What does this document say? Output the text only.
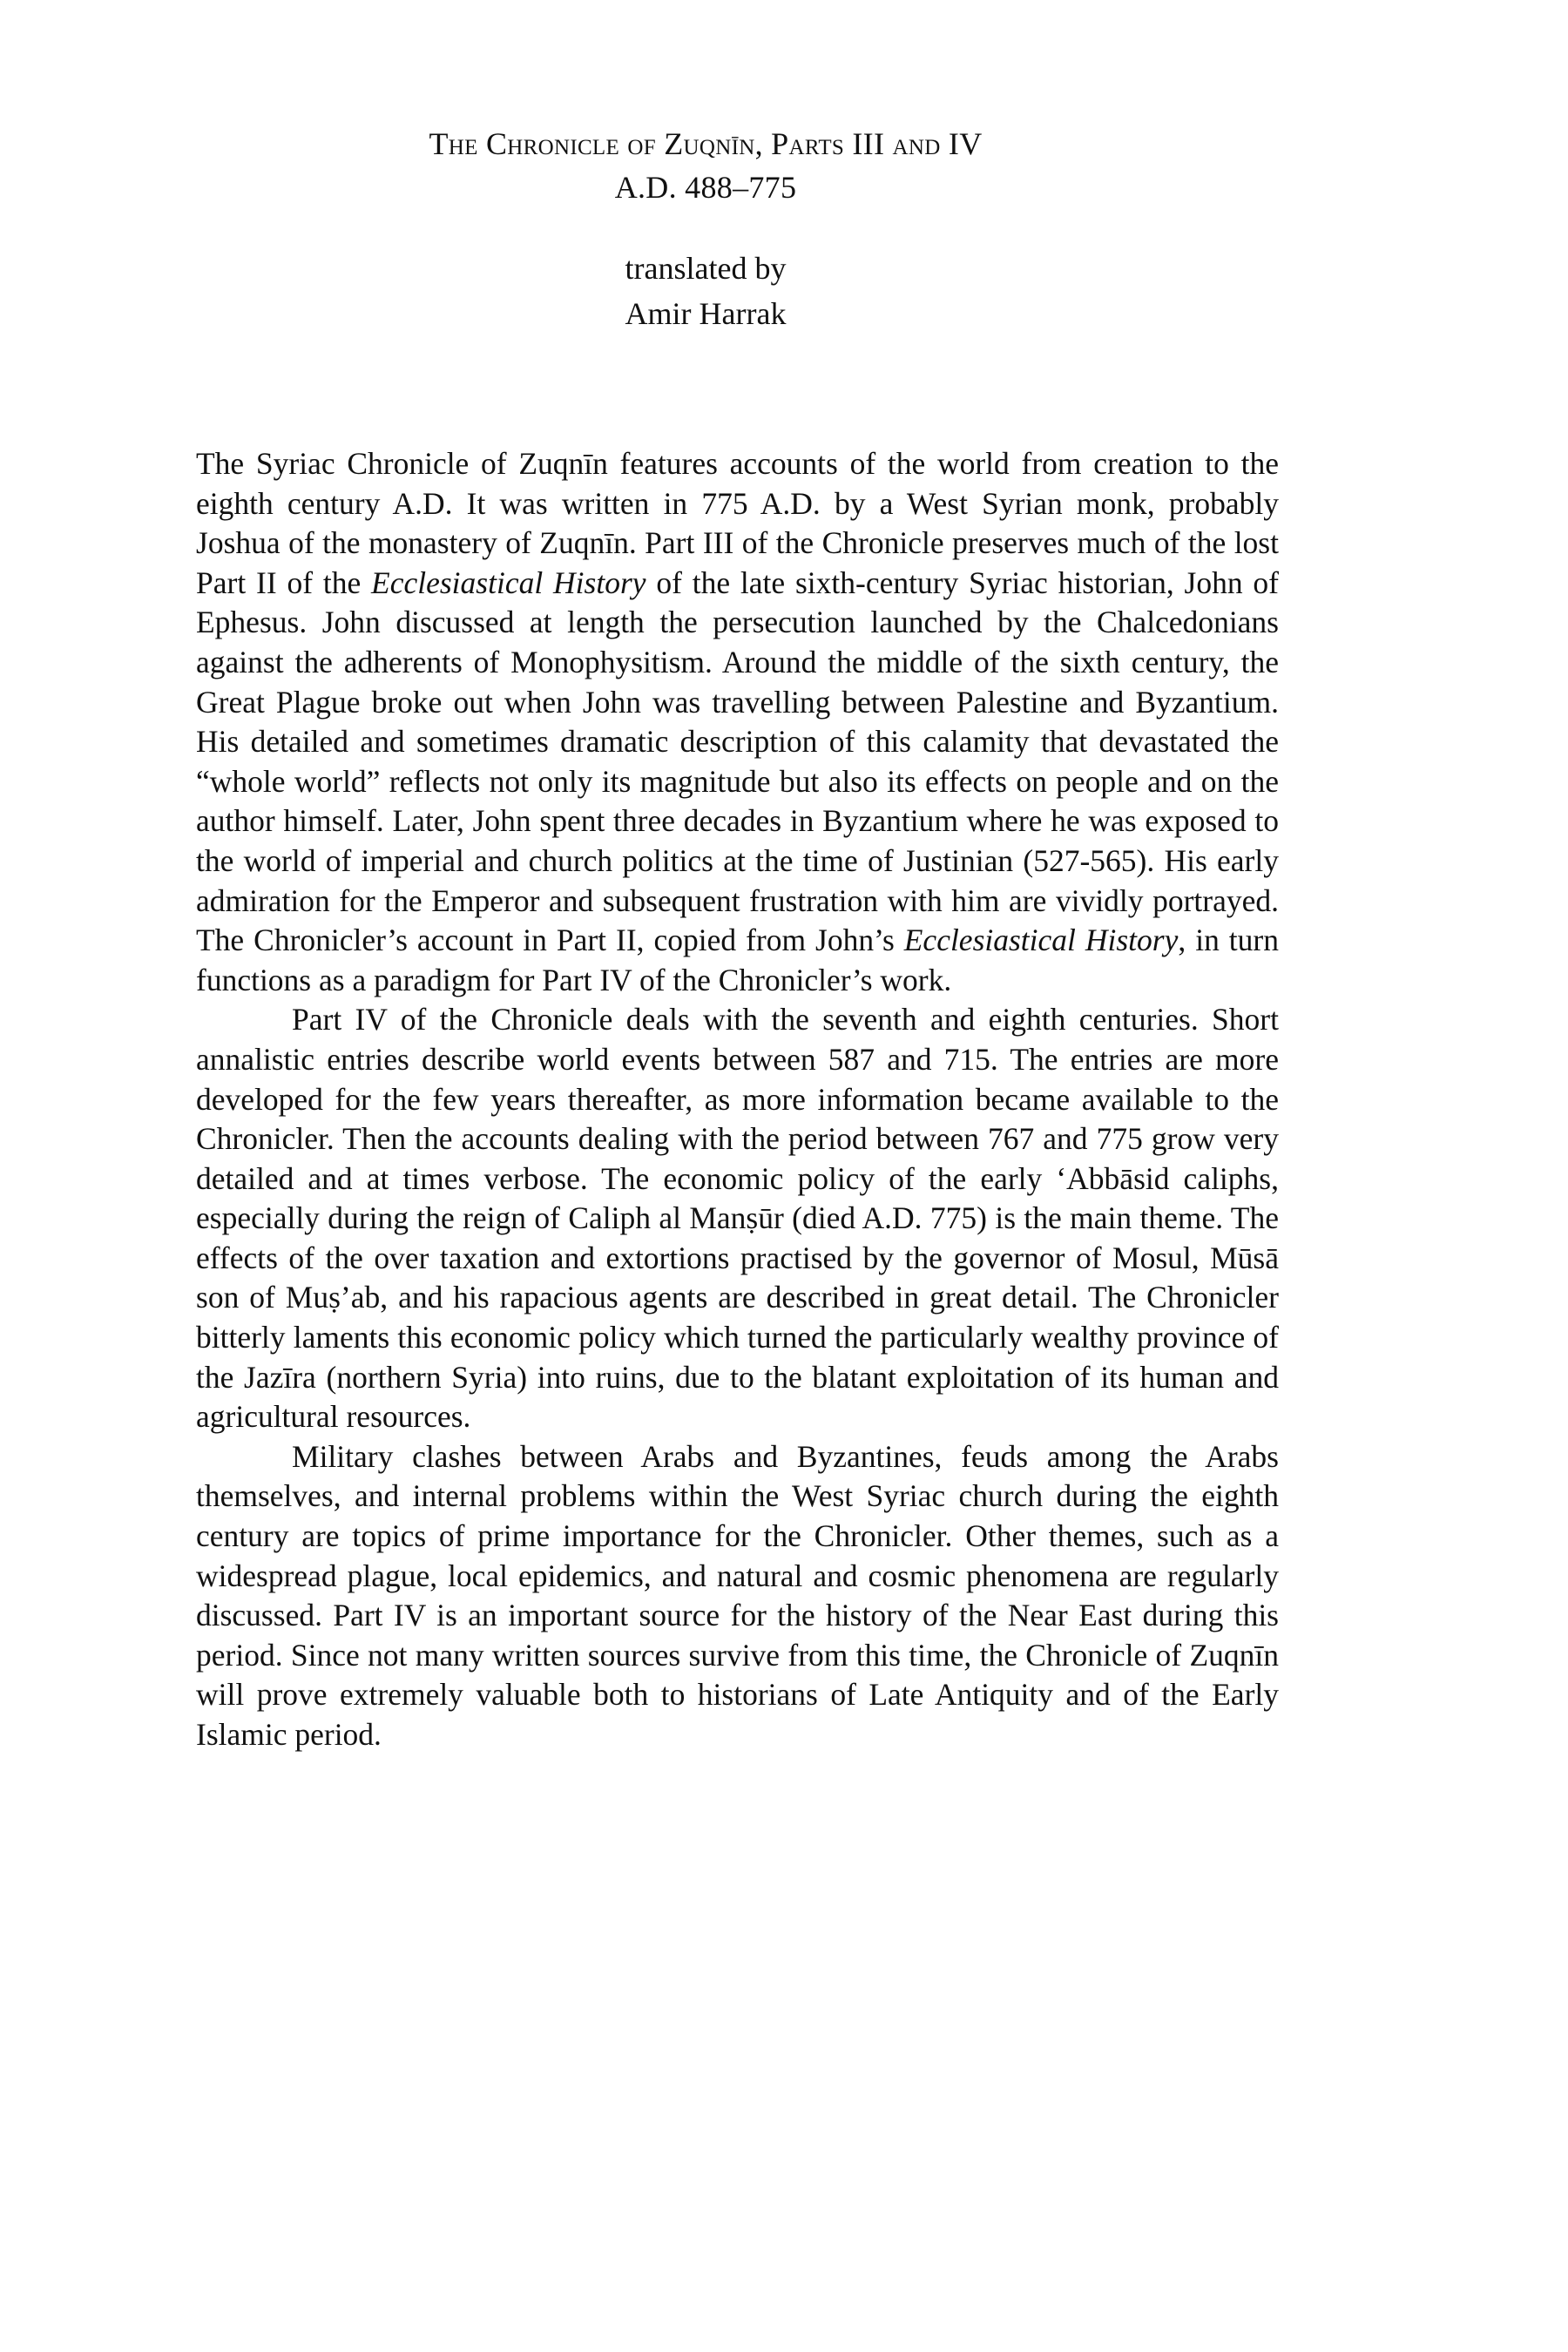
The Chronicle of Zuqnīn, Parts III and IV
A.D. 488–775
translated by
Amir Harrak

The Syriac Chronicle of Zuqnīn features accounts of the world from creation to the eighth century A.D. It was written in 775 A.D. by a West Syrian monk, probably Joshua of the monastery of Zuqnīn. Part III of the Chronicle preserves much of the lost Part II of the Ecclesiastical History of the late sixth-century Syriac historian, John of Ephesus. John discussed at length the persecution launched by the Chalcedonians against the adherents of Monophysitism. Around the middle of the sixth century, the Great Plague broke out when John was travelling between Palestine and Byzantium. His detailed and sometimes dramatic description of this calamity that devastated the “whole world” reflects not only its magnitude but also its effects on people and on the author himself. Later, John spent three decades in Byzantium where he was exposed to the world of imperial and church politics at the time of Justinian (527-565). His early admiration for the Emperor and subsequent frustration with him are vividly portrayed. The Chronicler’s account in Part II, copied from John’s Ecclesiastical History, in turn functions as a paradigm for Part IV of the Chronicler’s work.

Part IV of the Chronicle deals with the seventh and eighth centuries. Short annalistic entries describe world events between 587 and 715. The entries are more developed for the few years thereafter, as more information became available to the Chronicler. Then the accounts dealing with the period between 767 and 775 grow very detailed and at times verbose. The economic policy of the early ‘Abbāsid caliphs, especially during the reign of Caliph al Manṣūr (died A.D. 775) is the main theme. The effects of the over taxation and extortions practised by the governor of Mosul, Mūsā son of Muṣ’ab, and his rapacious agents are described in great detail. The Chronicler bitterly laments this economic policy which turned the particularly wealthy province of the Jazīra (northern Syria) into ruins, due to the blatant exploitation of its human and agricultural resources.

Military clashes between Arabs and Byzantines, feuds among the Arabs themselves, and internal problems within the West Syriac church during the eighth century are topics of prime importance for the Chronicler. Other themes, such as a widespread plague, local epidemics, and natural and cosmic phenomena are regularly discussed. Part IV is an important source for the history of the Near East during this period. Since not many written sources survive from this time, the Chronicle of Zuqnīn will prove extremely valuable both to historians of Late Antiquity and of the Early Islamic period.
